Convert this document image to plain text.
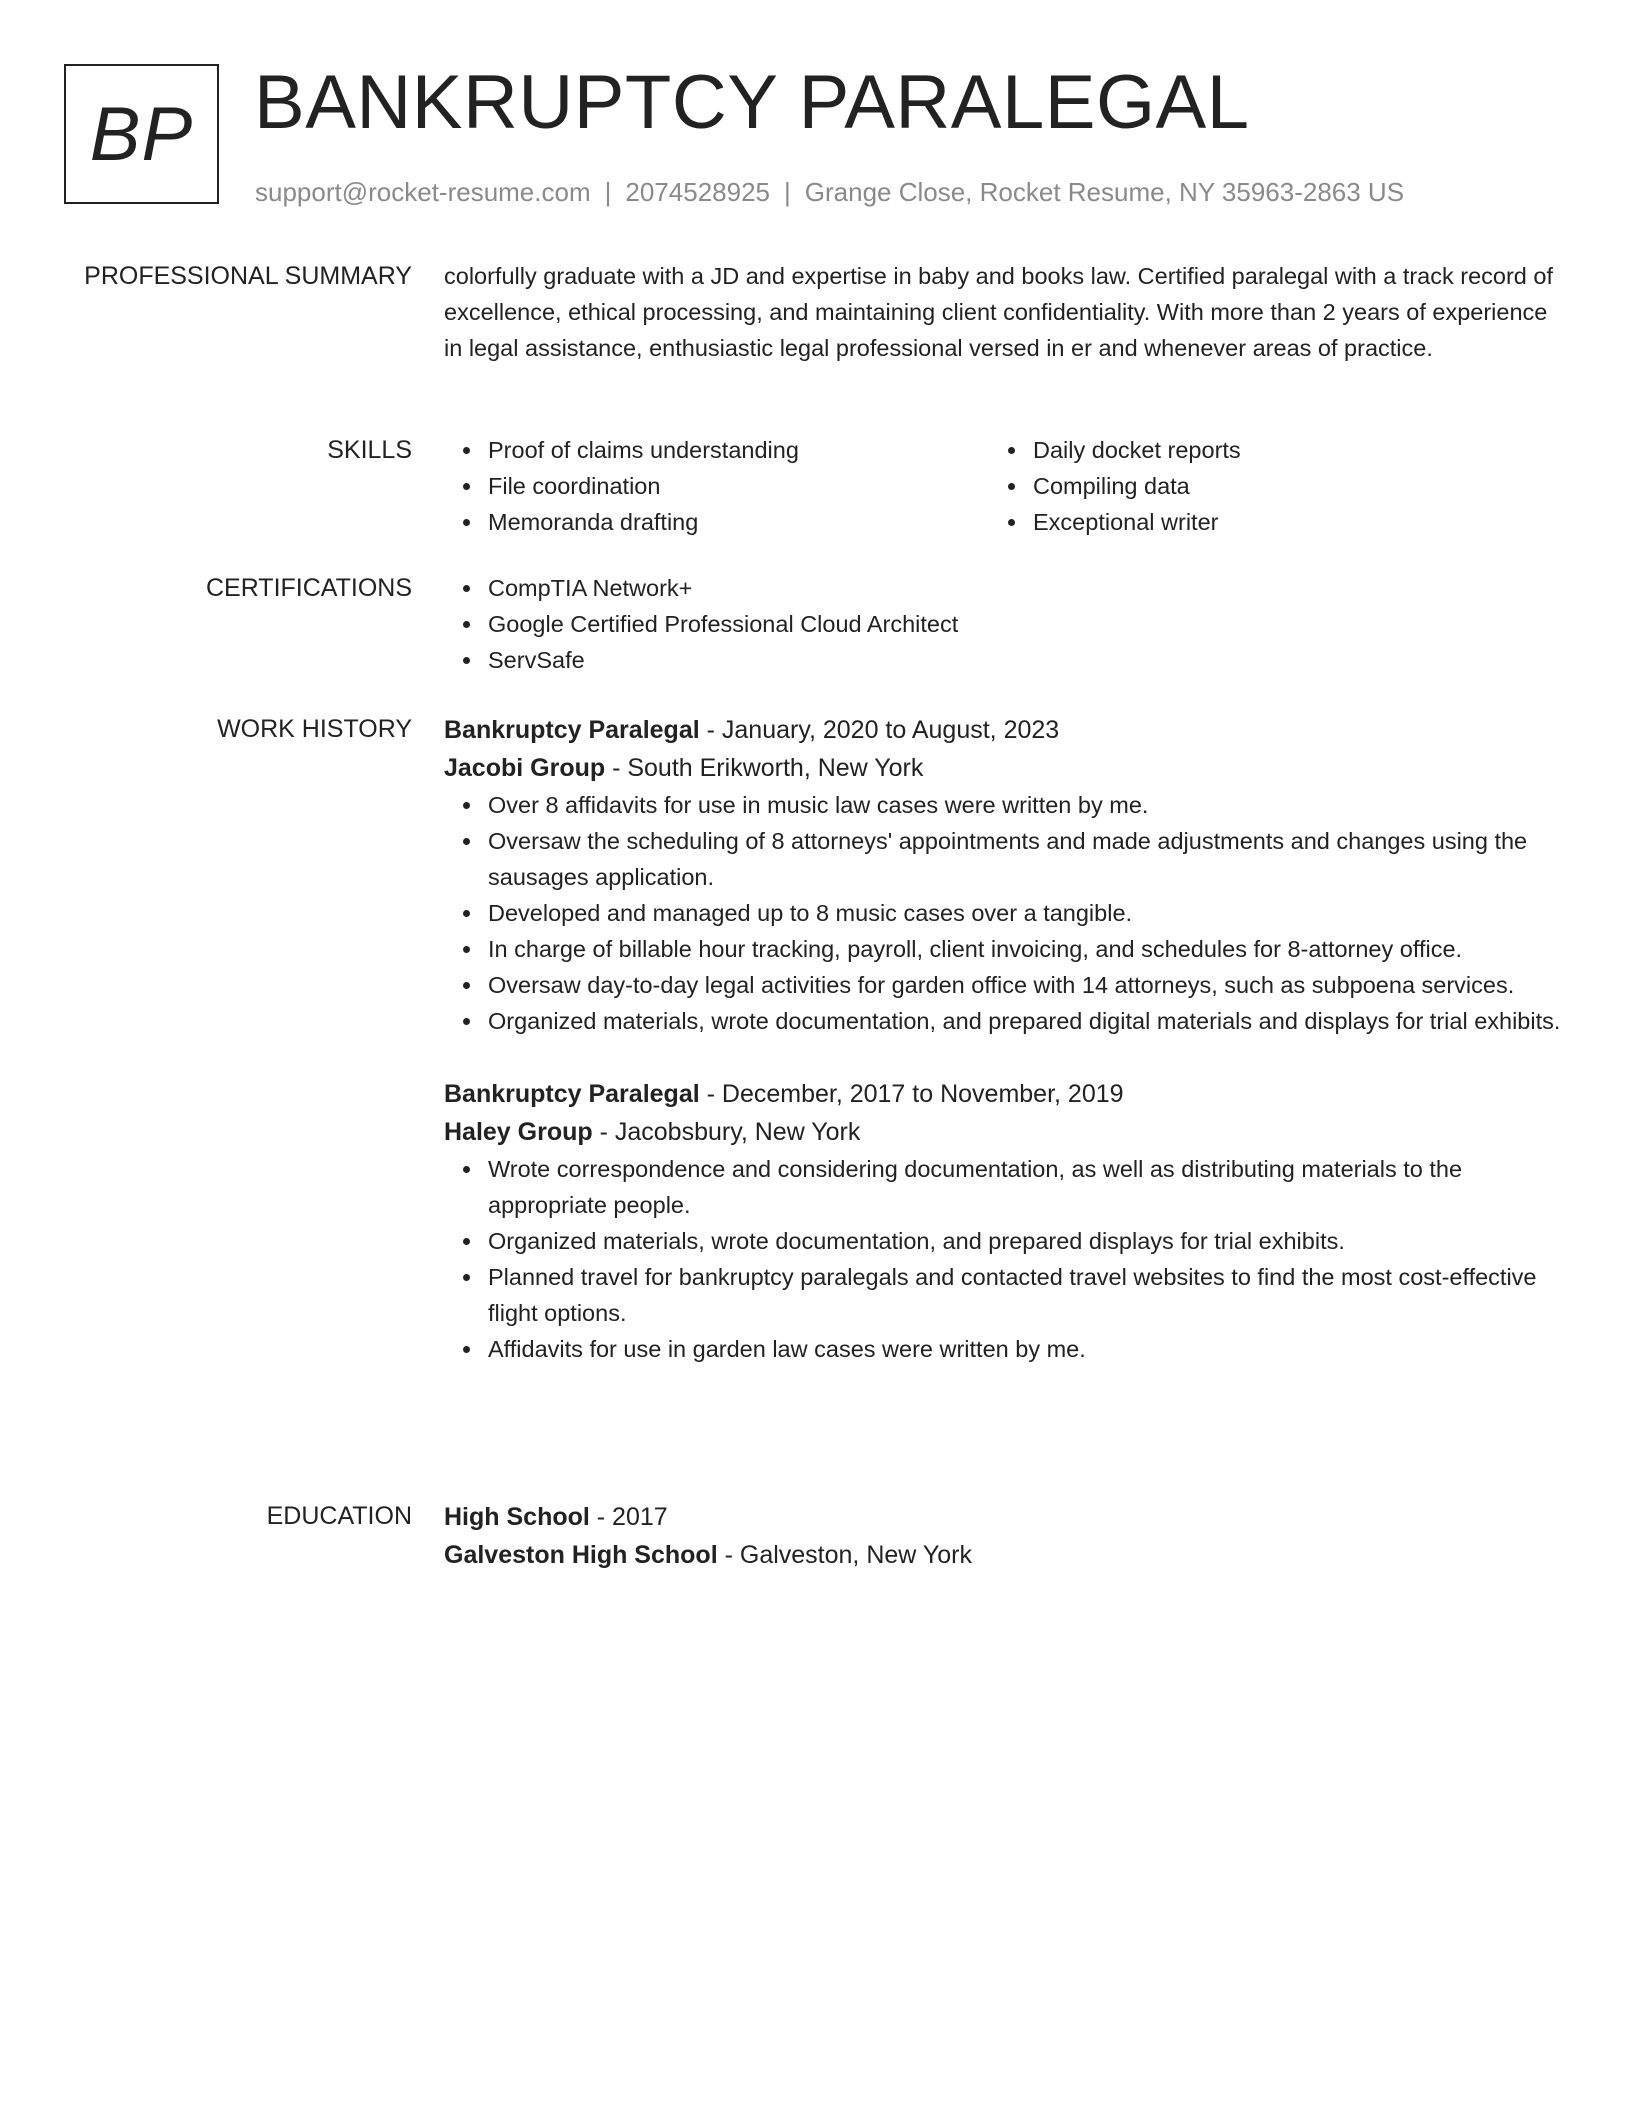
BP BANKRUPTCY PARALEGAL
support@rocket-resume.com | 2074528925 | Grange Close, Rocket Resume, NY 35963-2863 US
PROFESSIONAL SUMMARY colorfully graduate with a JD and expertise in baby and books law. Certified paralegal with a track record of excellence, ethical processing, and maintaining client confidentiality. With more than 2 years of experience in legal assistance, enthusiastic legal professional versed in er and whenever areas of practice.

SKILLS	Proof of claims understanding
File coordination
Memoranda drafting
Daily docket reports
Compiling data
Exceptional writer
CERTIFICATIONS	CompTIA Network+
Google Certified Professional Cloud Architect
ServSafe
WORK HISTORY Bankruptcy Paralegal - January, 2020 to August, 2023
Jacobi Group - South Erikworth, New York
Over 8 affidavits for use in music law cases were written by me.
Oversaw the scheduling of 8 attorneys' appointments and made adjustments and changes using the sausages application.
Developed and managed up to 8 music cases over a tangible.
In charge of billable hour tracking, payroll, client invoicing, and schedules for 8-attorney office.
Oversaw day-to-day legal activities for garden office with 14 attorneys, such as subpoena services.
Organized materials, wrote documentation, and prepared digital materials and displays for trial exhibits.
Bankruptcy Paralegal - December, 2017 to November, 2019
Haley Group - Jacobsbury, New York
Wrote correspondence and considering documentation, as well as distributing materials to the appropriate people.
Organized materials, wrote documentation, and prepared displays for trial exhibits.
Planned travel for bankruptcy paralegals and contacted travel websites to find the most cost-effective flight options.
Affidavits for use in garden law cases were written by me.
EDUCATION High School - 2017
Galveston High School - Galveston, New York
